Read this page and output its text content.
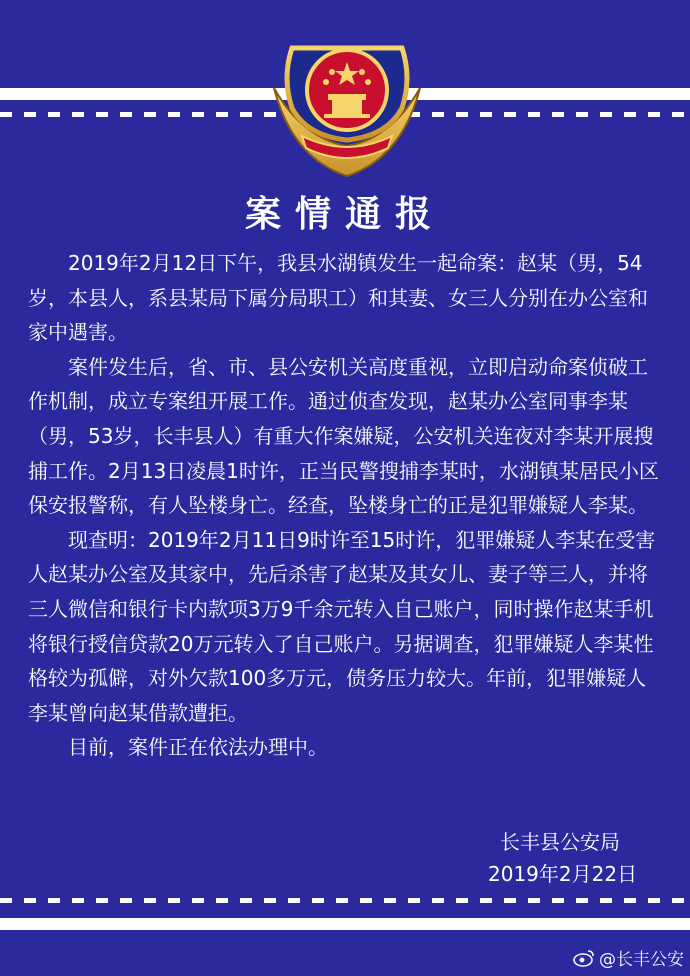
案情通报

2019年2月12日下午，我县水湖镇发生一起命案：赵某（男，54岁，本县人，系县某局下属分局职工）和其妻、女三人分别在办公室和家中遇害。

案件发生后，省、市、县公安机关高度重视，立即启动命案侦破工作机制，成立专案组开展工作。通过侦查发现，赵某办公室同事李某（男，53岁，长丰县人）有重大作案嫌疑，公安机关连夜对李某开展搜捕工作。2月13日凌晨1时许，正当民警搜捕李某时，水湖镇某居民小区保安报警称，有人坠楼身亡。经查，坠楼身亡的正是犯罪嫌疑人李某。

现查明：2019年2月11日9时许至15时许，犯罪嫌疑人李某在受害人赵某办公室及其家中，先后杀害了赵某及其女儿、妻子等三人，并将三人微信和银行卡内款项3万9千余元转入自己账户，同时操作赵某手机将银行授信贷款20万元转入了自己账户。另据调查，犯罪嫌疑人李某性格较为孤僻，对外欠款100多万元，债务压力较大。年前，犯罪嫌疑人李某曾向赵某借款遭拒。

目前，案件正在依法办理中。

长丰县公安局
2019年2月22日
@长丰公安
